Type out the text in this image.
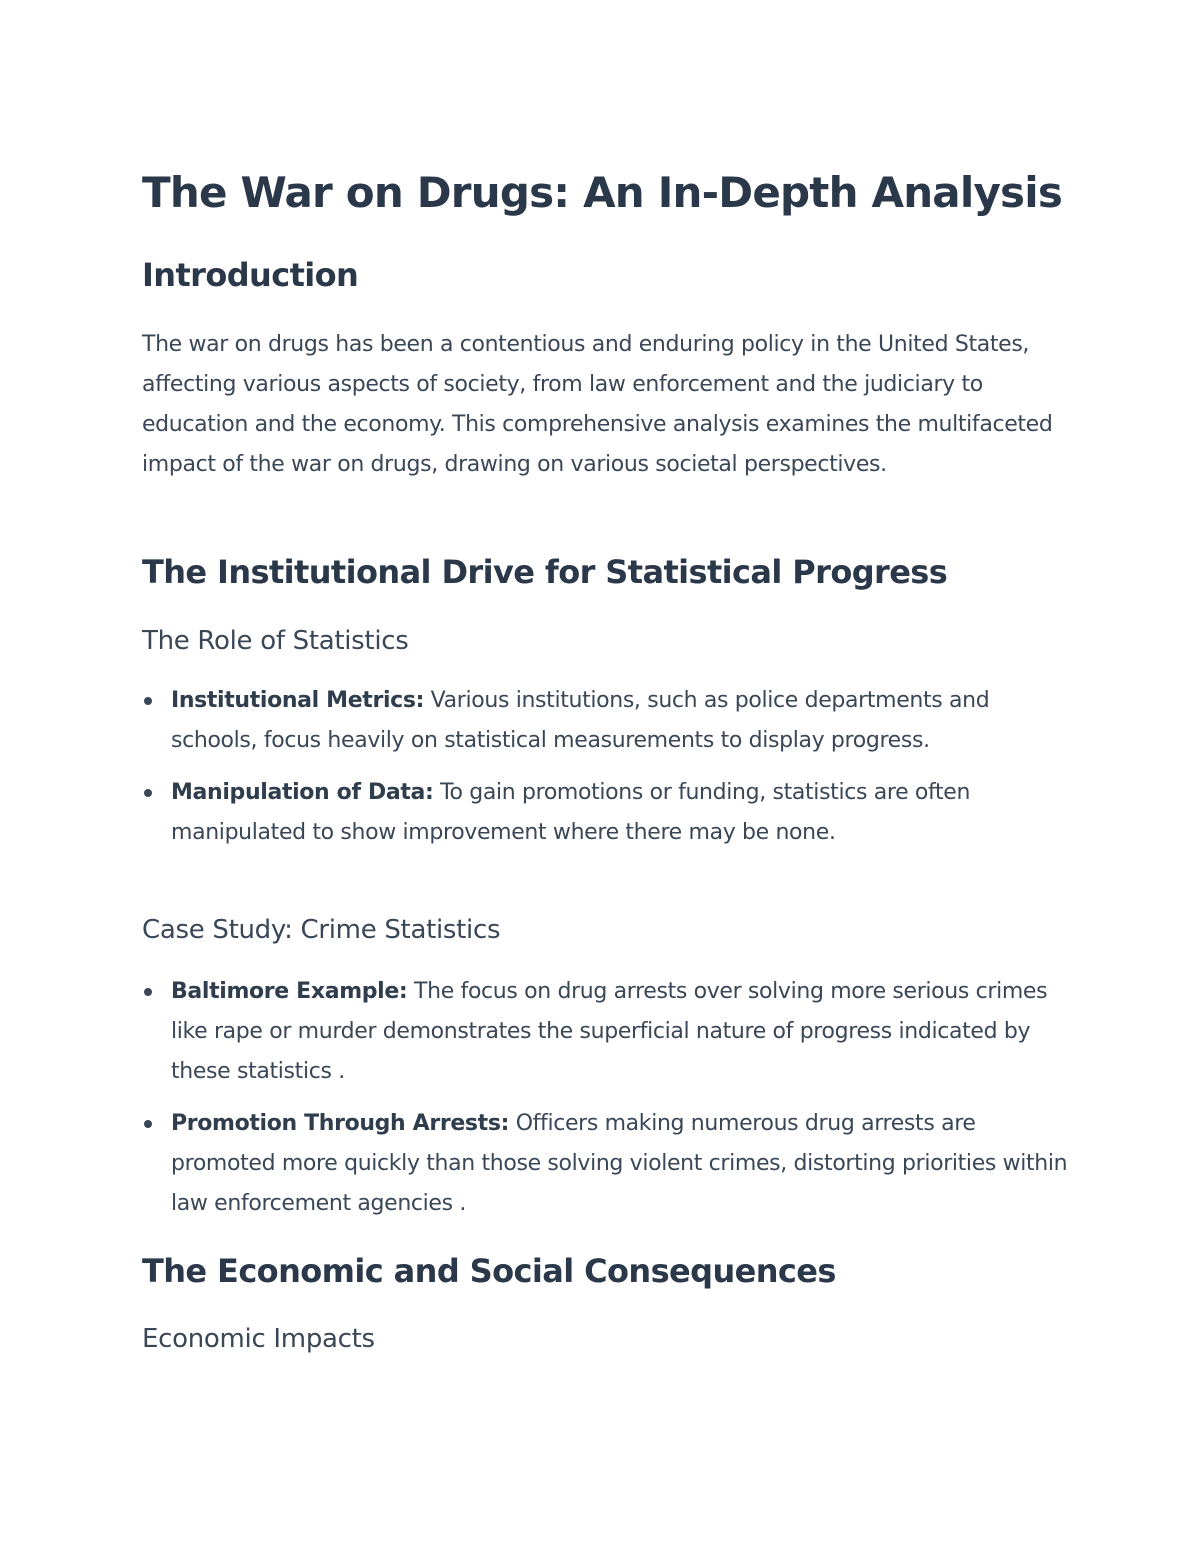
The War on Drugs: An In-Depth Analysis
Introduction

The war on drugs has been a contentious and enduring policy in the United States, affecting various aspects of society, from law enforcement and the judiciary to education and the economy. This comprehensive analysis examines the multifaceted impact of the war on drugs, drawing on various societal perspectives.

The Institutional Drive for Statistical Progress
The Role of Statistics
Institutional Metrics: Various institutions, such as police departments and schools, focus heavily on statistical measurements to display progress.
Manipulation of Data: To gain promotions or funding, statistics are often manipulated to show improvement where there may be none.
Case Study: Crime Statistics
Baltimore Example: The focus on drug arrests over solving more serious crimes like rape or murder demonstrates the superficial nature of progress indicated by these statistics .
Promotion Through Arrests: Officers making numerous drug arrests are promoted more quickly than those solving violent crimes, distorting priorities within law enforcement agencies .
The Economic and Social Consequences
Economic Impacts
